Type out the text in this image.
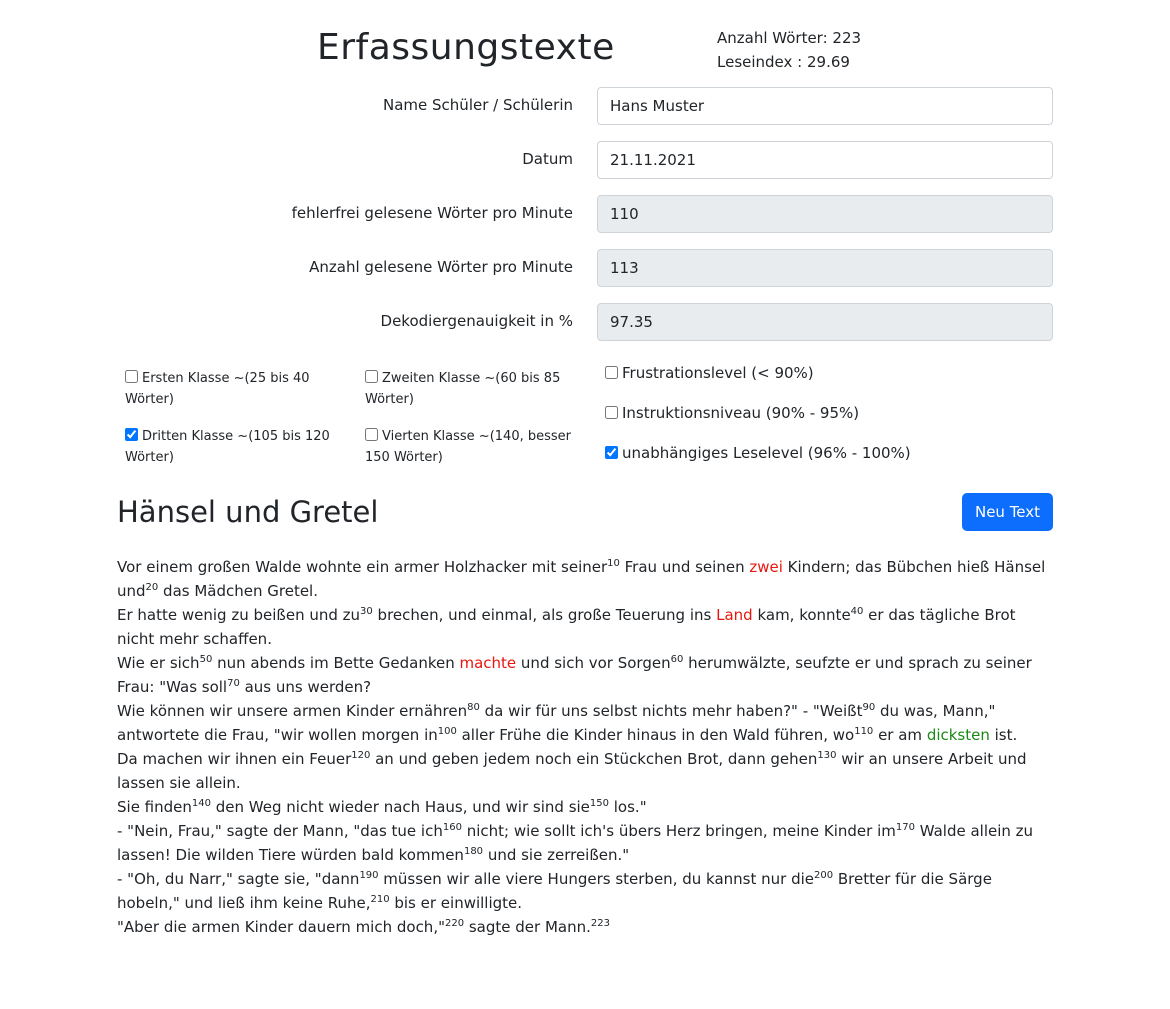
Erfassungstexte	Anzahl Wörter: 223
Leseindex : 29.69
Name Schüler / Schülerin
Hans Muster
Datum
21.11.2021
fehlerfrei gelesene Wörter pro Minute
110
Anzahl gelesene Wörter pro Minute
113
Dekodiergenauigkeit in %
97.35
Ersten Klasse ~(25 bis 40 Wörter)
Zweiten Klasse ~(60 bis 85 Wörter)
Dritten Klasse ~(105 bis 120 Wörter)
Vierten Klasse ~(140, besser 150 Wörter)
Frustrationslevel (< 90%)
Instruktionsniveau (90% - 95%)
unabhängiges Leselevel (96% - 100%)
Hänsel und Gretel	Neu Text

Vor einem großen Walde wohnte ein armer Holzhacker mit seiner$^{10}$ Frau und seinen zwei Kindern; das Bübchen hieß Hänsel und$^{20}$ das Mädchen Gretel.

Er hatte wenig zu beißen und $zu^{30}$ brechen, und einmal, als große Teuerung ins Land kam, konnte$^{40}$ er das tägliche Brot nicht mehr schaffen.

Wie er sich$^{50}$ nun abends im Bette Gedanken machte und sich vor Sorgen$^{60}$ herumwälzte, seufzte er und sprach zu seiner Frau: "Was soll$^{70}$ aus uns werden?

Wie können wir unsere armen Kinder ernähren$^{80}$ da wir für uns selbst nichts mehr haben?" - "Weißt$^{90}$ du was, Mann," antwortete die Frau, "wir wollen morgen $in^{100}$ aller Frühe die Kinder hinaus in den Wald führen, $wo^{110}$ er am dicksten ist.

Da machen wir ihnen ein Feuer$^{120}$ an und geben jedem noch ein Stückchen Brot, dann gehen$^{130}$ wir an unsere Arbeit und lassen sie allein.

Sie finden$^{140}$ den Weg nicht wieder nach Haus, und wir sind sie$^{150}$ los."

- "Nein, Frau," sagte der Mann, "das tue ich$^{160}$ nicht; wie sollt ich's übers Herz bringen, meine Kinder $im^{170}$ Walde allein zu lassen! Die wilden Tiere würden bald kommen$^{180}$ und sie zerreißen."

- "Oh, du Narr," sagte sie, "dann$^{190}$ müssen wir alle viere Hungers sterben, du kannst nur die$^{200}$ Bretter für die Särge hobeln," und ließ ihm keine Ruhe,$^{210}$ bis er einwilligte.

"Aber die armen Kinder dauern mich doch,"$^{220}$ sagte der Mann.$^{223}$
